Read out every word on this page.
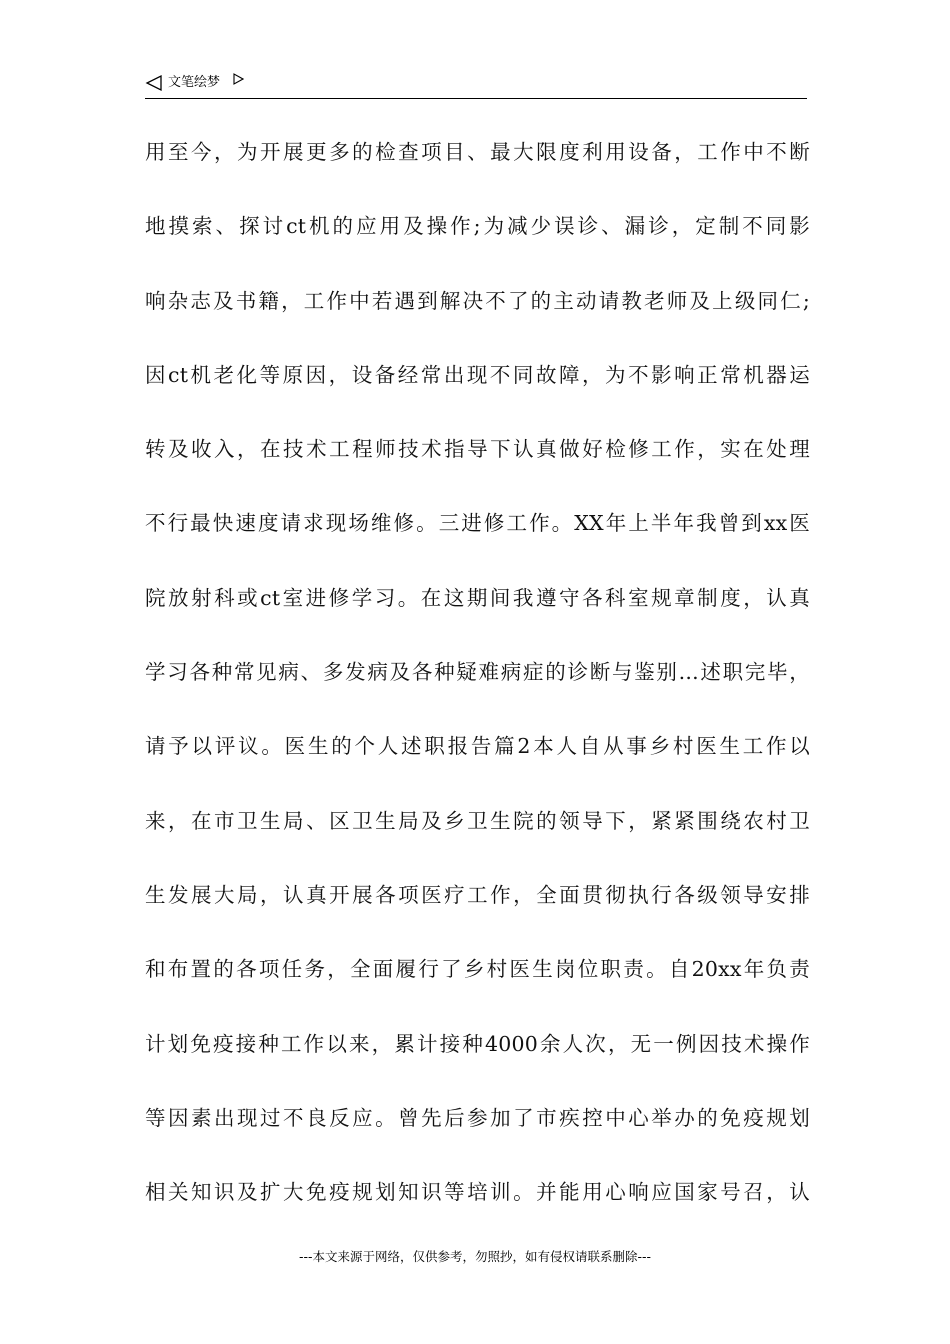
文笔绘梦
用至今，为开展更多的检查项目、最大限度利用设备，工作中不断
地摸索、探讨ct机的应用及操作;为减少误诊、漏诊，定制不同影
响杂志及书籍，工作中若遇到解决不了的主动请教老师及上级同仁;
因ct机老化等原因，设备经常出现不同故障，为不影响正常机器运
转及收入，在技术工程师技术指导下认真做好检修工作，实在处理
不行最快速度请求现场维修。三进修工作。XX年上半年我曾到xx医
院放射科或ct室进修学习。在这期间我遵守各科室规章制度，认真
学习各种常见病、多发病及各种疑难病症的诊断与鉴别...述职完毕，
请予以评议。医生的个人述职报告篇2本人自从事乡村医生工作以
来，在市卫生局、区卫生局及乡卫生院的领导下，紧紧围绕农村卫
生发展大局，认真开展各项医疗工作，全面贯彻执行各级领导安排
和布置的各项任务，全面履行了乡村医生岗位职责。自20xx年负责
计划免疫接种工作以来，累计接种4000余人次，无一例因技术操作
等因素出现过不良反应。曾先后参加了市疾控中心举办的免疫规划
相关知识及扩大免疫规划知识等培训。并能用心响应国家号召，认
---本文来源于网络，仅供参考，勿照抄，如有侵权请联系删除---
